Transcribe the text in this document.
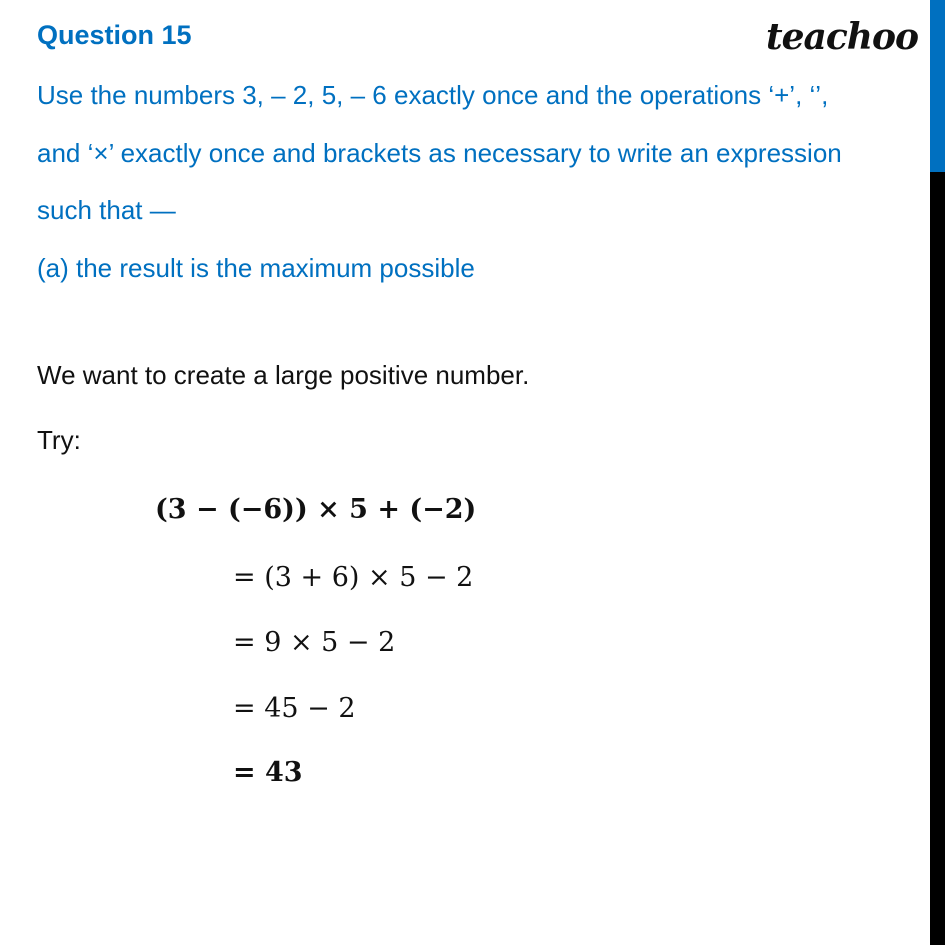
Question 15	teachoo
Use the numbers 3, – 2, 5, – 6 exactly once and the operations ‘+’, ‘’,
and ‘×’ exactly once and brackets as necessary to write an expression
such that —
(a) the result is the maximum possible
We want to create a large positive number.
Try:
(3 − (−6)) × 5 + (−2)
= (3 + 6) × 5 − 2
= 9 × 5 − 2
= 45 − 2
= 43
